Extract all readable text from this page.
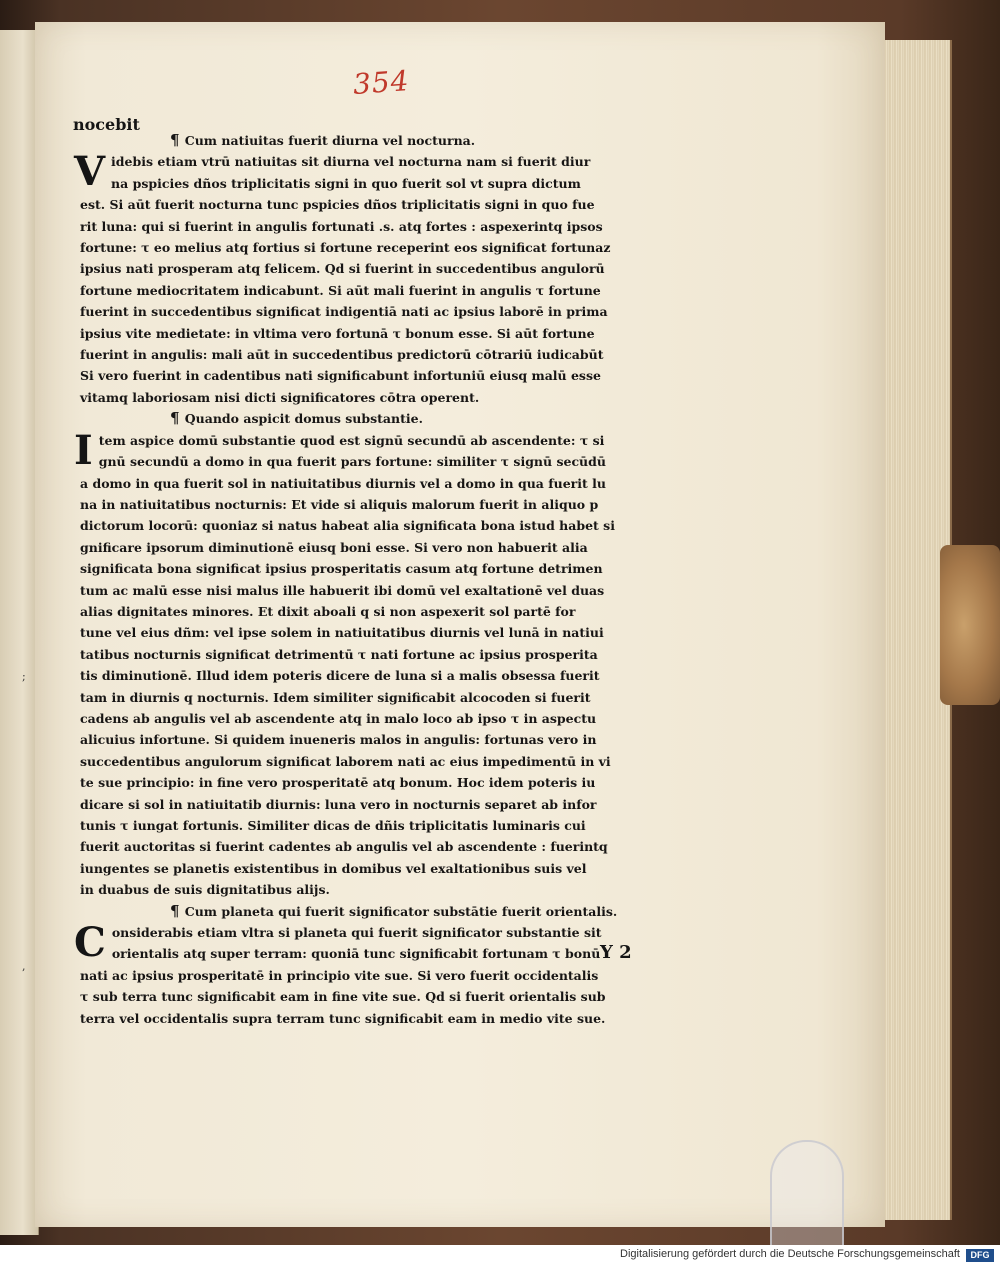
;
,
354
nocebit
¶ Cum natiuitas fuerit diurna vel nocturna.
V idebis etiam vtrū natiuitas sit diurna vel nocturna nam si fuerit diur
na pspicies dños triplicitatis signi in quo fuerit sol vt supra dictum
est. Si aūt fuerit nocturna tunc pspicies dños triplicitatis signi in quo fue
rit luna: qui si fuerint in angulis fortunati .s. atq fortes : aspexerintq ipsos
fortune: τ eo melius atq fortius si fortune receperint eos significat fortunaz
ipsius nati prosperam atq felicem. Qd si fuerint in succedentibus angulorū
fortune mediocritatem indicabunt. Si aūt mali fuerint in angulis τ fortune
fuerint in succedentibus significat indigentiā nati ac ipsius laborē in prima
ipsius vite medietate: in vltima vero fortunā τ bonum esse. Si aūt fortune
fuerint in angulis: mali aūt in succedentibus predictorū cōtrariū iudicabūt
Si vero fuerint in cadentibus nati significabunt infortuniū eiusq malū esse
vitamq laboriosam nisi dicti significatores cōtra operent.
¶ Quando aspicit domus substantie.
I tem aspice domū substantie quod est signū secundū ab ascendente: τ si
gnū secundū a domo in qua fuerit pars fortune: similiter τ signū secūdū
a domo in qua fuerit sol in natiuitatibus diurnis vel a domo in qua fuerit lu
na in natiuitatibus nocturnis: Et vide si aliquis malorum fuerit in aliquo p
dictorum locorū: quoniaz si natus habeat alia significata bona istud habet si
gnificare ipsorum diminutionē eiusq boni esse. Si vero non habuerit alia
significata bona significat ipsius prosperitatis casum atq fortune detrimen
tum ac malū esse nisi malus ille habuerit ibi domū vel exaltationē vel duas
alias dignitates minores. Et dixit aboali q si non aspexerit sol partē for
tune vel eius dñm: vel ipse solem in natiuitatibus diurnis vel lunā in natiui
tatibus nocturnis significat detrimentū τ nati fortune ac ipsius prosperita
tis diminutionē. Illud idem poteris dicere de luna si a malis obsessa fuerit
tam in diurnis q nocturnis. Idem similiter significabit alcocoden si fuerit
cadens ab angulis vel ab ascendente atq in malo loco ab ipso τ in aspectu
alicuius infortune. Si quidem inueneris malos in angulis: fortunas vero in
succedentibus angulorum significat laborem nati ac eius impedimentū in vi
te sue principio: in fine vero prosperitatē atq bonum. Hoc idem poteris iu
dicare si sol in natiuitatib diurnis: luna vero in nocturnis separet ab infor
tunis τ iungat fortunis. Similiter dicas de dñis triplicitatis luminaris cui
fuerit auctoritas si fuerint cadentes ab angulis vel ab ascendente : fuerintq
iungentes se planetis existentibus in domibus vel exaltationibus suis vel
in duabus de suis dignitatibus alijs.
¶ Cum planeta qui fuerit significator substātie fuerit orientalis.
C onsiderabis etiam vltra si planeta qui fuerit significator substantie sit
orientalis atq super terram: quoniā tunc significabit fortunam τ bonū
nati ac ipsius prosperitatē in principio vite sue. Si vero fuerit occidentalis
τ sub terra tunc significabit eam in fine vite sue. Qd si fuerit orientalis sub
terra vel occidentalis supra terram tunc significabit eam in medio vite sue.
Y 2
Digitalisierung gefördert durch die Deutsche Forschungsgemeinschaft	DFG
